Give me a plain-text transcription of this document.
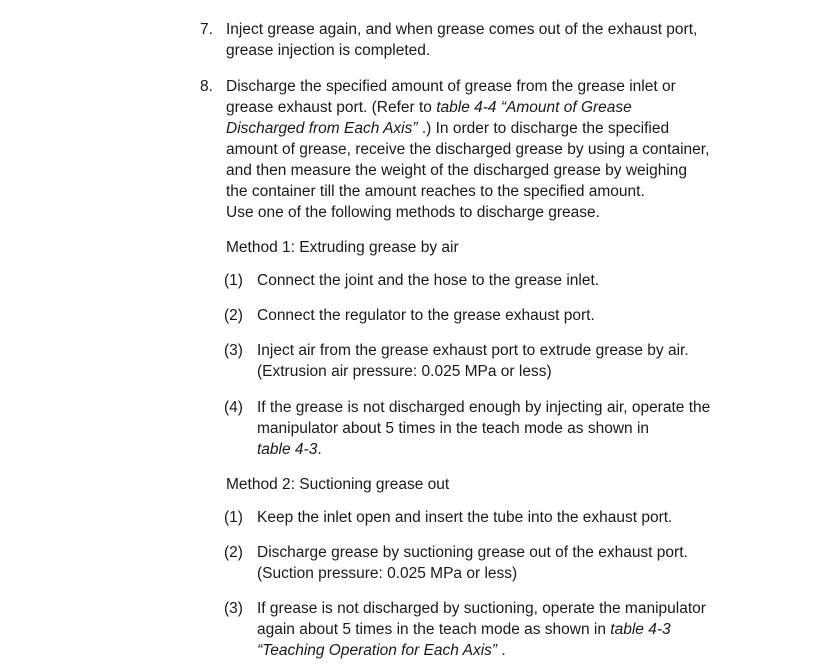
7. Inject grease again, and when grease comes out of the exhaust port,
grease injection is completed.
8. Discharge the specified amount of grease from the grease inlet or
grease exhaust port. (Refer to table 4-4 “Amount of Grease
Discharged from Each Axis” .) In order to discharge the specified
amount of grease, receive the discharged grease by using a container,
and then measure the weight of the discharged grease by weighing
the container till the amount reaches to the specified amount.
Use one of the following methods to discharge grease.
Method 1: Extruding grease by air
(1) Connect the joint and the hose to the grease inlet.
(2) Connect the regulator to the grease exhaust port.
(3) Inject air from the grease exhaust port to extrude grease by air.
(Extrusion air pressure: 0.025 MPa or less)
(4) If the grease is not discharged enough by injecting air, operate the
manipulator about 5 times in the teach mode as shown in
table 4-3.
Method 2: Suctioning grease out
(1) Keep the inlet open and insert the tube into the exhaust port.
(2) Discharge grease by suctioning grease out of the exhaust port.
(Suction pressure: 0.025 MPa or less)
(3) If grease is not discharged by suctioning, operate the manipulator
again about 5 times in the teach mode as shown in table 4-3
“Teaching Operation for Each Axis” .
